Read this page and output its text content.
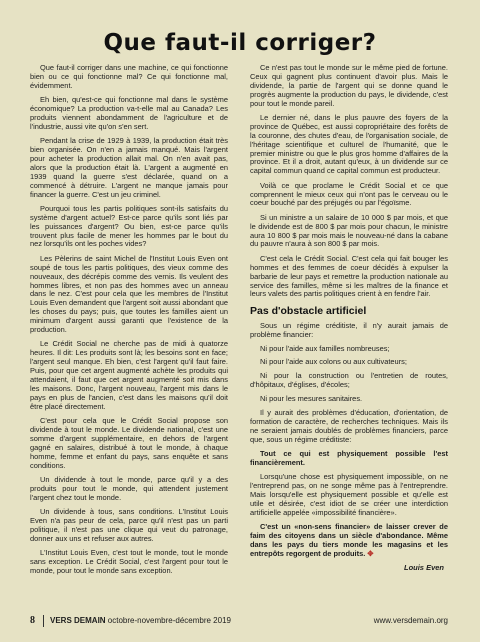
Que faut-il corriger?

Que faut-il corriger dans une machine, ce qui fonctionne bien ou ce qui fonctionne mal? Ce qui fonctionne mal, évidemment.

Eh bien, qu'est-ce qui fonctionne mal dans le système économique? La production va-t-elle mal au Canada? Les produits viennent abondamment de l'agriculture et de l'industrie, aussi vite qu'on s'en sert.

Pendant la crise de 1929 à 1939, la production était très bien organisée. On n'en a jamais manqué. Mais l'argent pour acheter la production allait mal. On n'en avait pas, alors que la production était là. L'argent a augmenté en 1939 quand la guerre s'est déclarée, quand on a commencé à détruire. L'argent ne manque jamais pour financer la guerre. C'est un jeu criminel.

Pourquoi tous les partis politiques sont-ils satisfaits du système d'argent actuel? Est-ce parce qu'ils sont liés par les puissances d'argent? Ou bien, est-ce parce qu'ils trouvent plus facile de mener les hommes par le bout du nez lorsqu'ils ont les poches vides?

Les Pèlerins de saint Michel de l'Institut Louis Even ont soupé de tous les partis politiques, des vieux comme des nouveaux, des décrépis comme des vernis. Ils veulent des hommes libres, et non pas des hommes avec un anneau dans le nez. C'est pour cela que les membres de l'Institut Louis Even demandent que l'argent soit aussi abondant que les choses du pays; puis, que toutes les familles aient un minimum d'argent aussi garanti que l'existence de la production.

Le Crédit Social ne cherche pas de midi à quatorze heures. Il dit: Les produits sont là; les besoins sont en face; l'argent seul manque. Eh bien, c'est l'argent qu'il faut faire. Puis, pour que cet argent augmenté achète les produits qui attendaient, il faut que cet argent augmenté soit mis dans les maisons. Donc, l'argent nouveau, l'argent mis dans le pays en plus de l'ancien, c'est dans les maisons qu'il doit être placé directement.

C'est pour cela que le Crédit Social propose son dividende à tout le monde. Le dividende national, c'est une somme d'argent supplémentaire, en dehors de l'argent gagné en salaires, distribué à tout le monde, à chaque homme, femme et enfant du pays, sans enquête et sans conditions.

Un dividende à tout le monde, parce qu'il y a des produits pour tout le monde, qui attendent justement l'argent chez tout le monde.

Un dividende à tous, sans conditions. L'Institut Louis Even n'a pas peur de cela, parce qu'il n'est pas un parti politique, il n'est pas une clique qui veut du patronage, donner aux uns et refuser aux autres.

L'Institut Louis Even, c'est tout le monde, tout le monde sans exception. Le Crédit Social, c'est l'argent pour tout le monde, pour tout le monde sans exception.

Ce n'est pas tout le monde sur le même pied de fortune. Ceux qui gagnent plus continuent d'avoir plus. Mais le dividende, la partie de l'argent qui se donne quand le progrès augmente la production du pays, le dividende, c'est pour tout le monde pareil.

Le dernier né, dans le plus pauvre des foyers de la province de Québec, est aussi copropriétaire des forêts de la couronne, des chutes d'eau, de l'organisation sociale, de l'héritage scientifique et culturel de l'humanité, que le premier ministre ou que le plus gros homme d'affaires de la province. Et il a droit, autant qu'eux, à un dividende sur ce capital commun quand ce capital commun est producteur.

Voilà ce que proclame le Crédit Social et ce que comprennent le mieux ceux qui n'ont pas le cerveau ou le coeur bouché par des préjugés ou par l'égoïsme.

Si un ministre a un salaire de 10 000 $ par mois, et que le dividende est de 800 $ par mois pour chacun, le ministre aura 10 800 $ par mois mais le nouveau-né dans la cabane du pauvre n'aura à son 800 $ par mois.

C'est cela le Crédit Social. C'est cela qui fait bouger les hommes et des femmes de coeur décidés à expulser la barbarie de leur pays et remettre la production nationale au service des familles, même si les maîtres de la finance et leurs valets des partis politiques crient à en fendre l'air.

Pas d'obstacle artificiel

Sous un régime créditiste, il n'y aurait jamais de problème financier:

Ni pour l'aide aux familles nombreuses;

Ni pour l'aide aux colons ou aux cultivateurs;

Ni pour la construction ou l'entretien de routes, d'hôpitaux, d'églises, d'écoles;

Ni pour les mesures sanitaires.

Il y aurait des problèmes d'éducation, d'orientation, de formation de caractère, de recherches techniques. Mais ils ne seraient jamais doublés de problèmes financiers, parce que, sous un régime créditiste:

Tout ce qui est physiquement possible l'est financièrement.

Lorsqu'une chose est physiquement impossible, on ne l'entreprend pas, on ne songe même pas à l'entreprendre. Mais lorsqu'elle est physiquement possible et qu'elle est utile et désirée, c'est idiot de se créer une interdiction artificielle appelée «impossibilité financière».

C'est un «non-sens financier» de laisser crever de faim des citoyens dans un siècle d'abondance. Même dans les pays du tiers monde les magasins et les entrepôts regorgent de produits. ✥

Louis Even
8 VERS DEMAIN octobre-novembre-décembre 2019	www.versdemain.org
